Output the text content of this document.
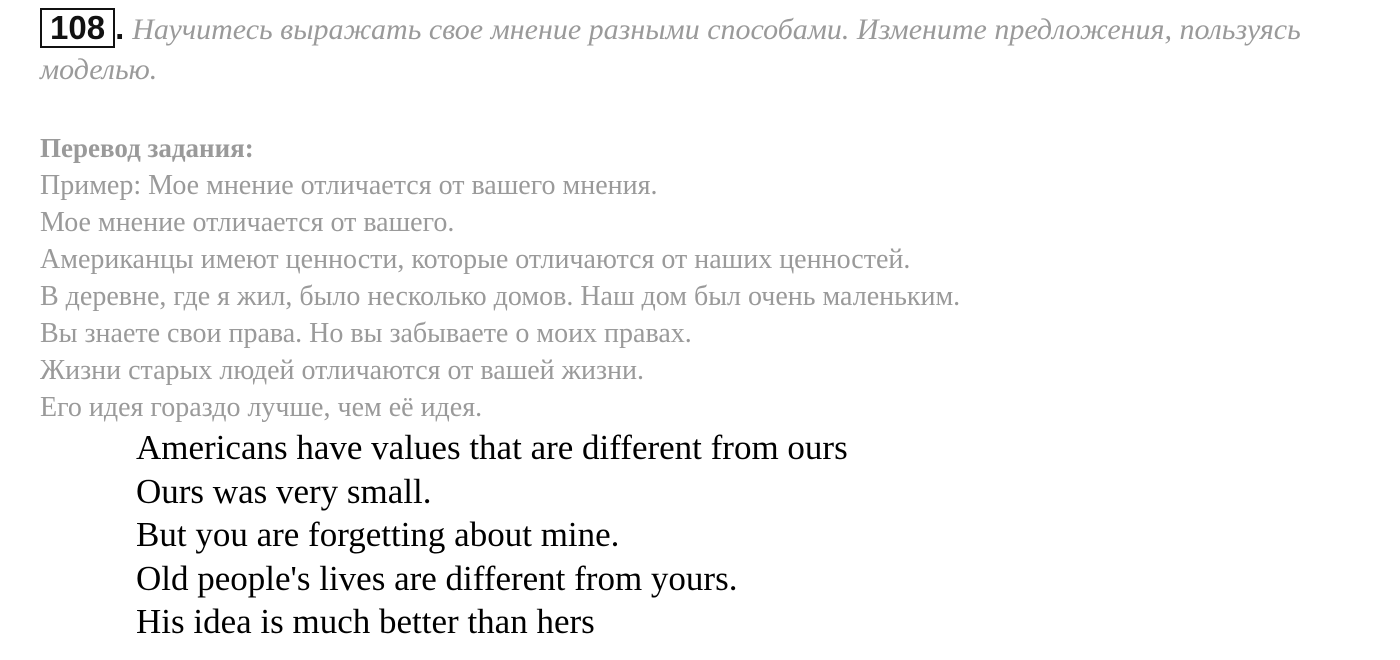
108 . Научитесь выражать свое мнение разными способами. Измените предложения, пользуясь моделью.
Перевод задания:
Пример: Мое мнение отличается от вашего мнения.
Мое мнение отличается от вашего.
Американцы имеют ценности, которые отличаются от наших ценностей.
В деревне, где я жил, было несколько домов. Наш дом был очень маленьким.
Вы знаете свои права. Но вы забываете о моих правах.
Жизни старых людей отличаются от вашей жизни.
Его идея гораздо лучше, чем её идея.
Americans have values that are different from ours
Ours was very small.
But you are forgetting about mine.
Old people's lives are different from yours.
His idea is much better than hers
